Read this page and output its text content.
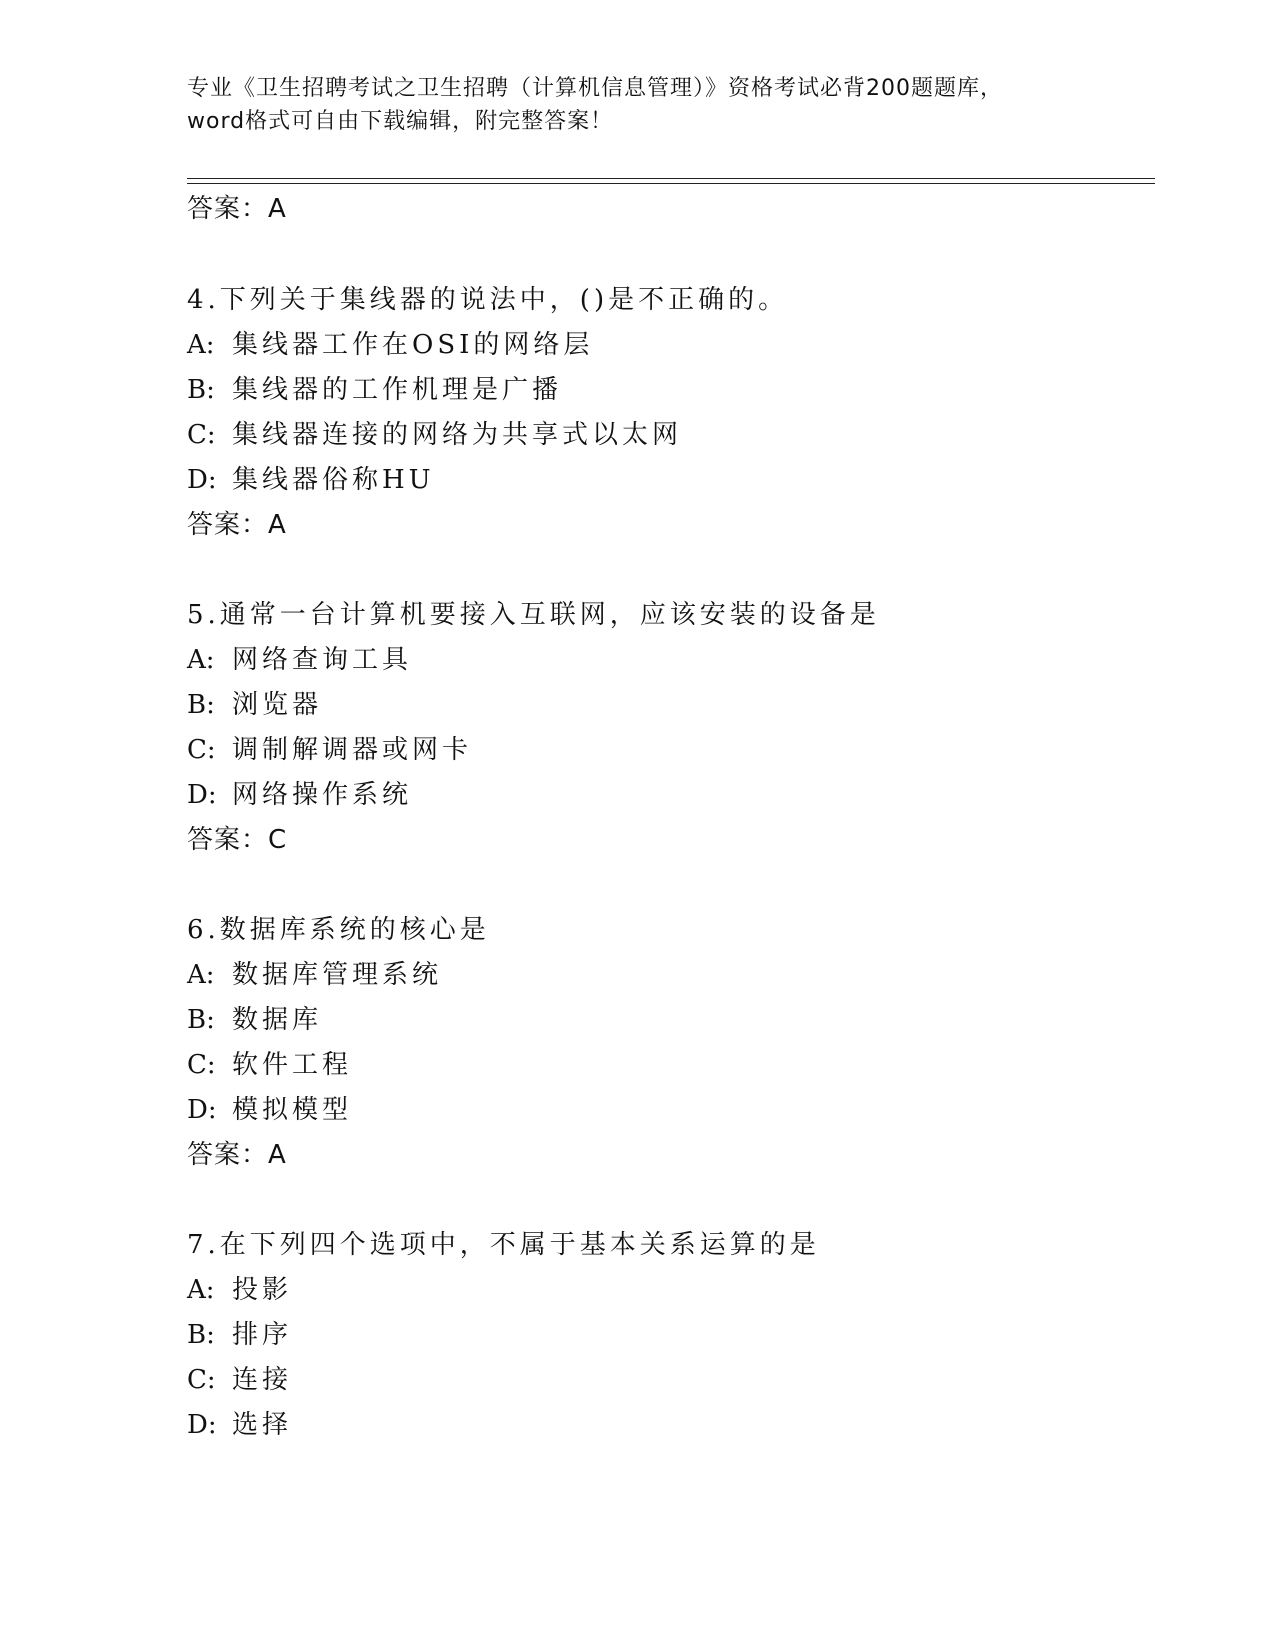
专业《卫生招聘考试之卫生招聘（计算机信息管理）》资格考试必背200题题库，
word格式可自由下载编辑，附完整答案！
答案：A
4.下列关于集线器的说法中，()是不正确的。
A: 集线器工作在OSI的网络层
B: 集线器的工作机理是广播
C: 集线器连接的网络为共享式以太网
D: 集线器俗称HU
答案：A
5.通常一台计算机要接入互联网，应该安装的设备是
A: 网络查询工具
B: 浏览器
C: 调制解调器或网卡
D: 网络操作系统
答案：C
6.数据库系统的核心是
A: 数据库管理系统
B: 数据库
C: 软件工程
D: 模拟模型
答案：A
7.在下列四个选项中，不属于基本关系运算的是
A: 投影
B: 排序
C: 连接
D: 选择
